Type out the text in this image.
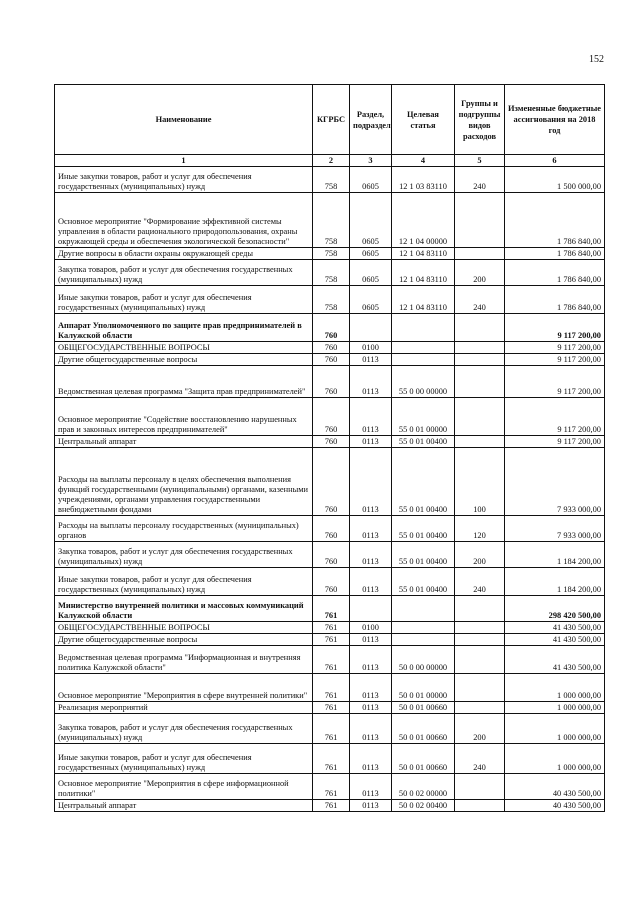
152
Наименование	КГРБС	Раздел, подраздел	Целевая статья	Группы и подгруппы видов расходов	Измененные бюджетные ассигнования на 2018 год
1	2	3	4	5	6
Иные закупки товаров, работ и услуг для обеспечения государственных (муниципальных) нужд	758	0605	12 1 03 83110	240	1 500 000,00
Основное мероприятие "Формирование эффективной системы управления в области рационального природопользования, охраны окружающей среды и обеспечения экологической безопасности"	758	0605	12 1 04 00000		1 786 840,00
Другие вопросы в области охраны окружающей среды	758	0605	12 1 04 83110		1 786 840,00
Закупка товаров, работ и услуг для обеспечения государственных (муниципальных) нужд	758	0605	12 1 04 83110	200	1 786 840,00
Иные закупки товаров, работ и услуг для обеспечения государственных (муниципальных) нужд	758	0605	12 1 04 83110	240	1 786 840,00
Аппарат Уполномоченного по защите прав предпринимателей в Калужской области	760				9 117 200,00
ОБЩЕГОСУДАРСТВЕННЫЕ ВОПРОСЫ	760	0100			9 117 200,00
Другие общегосударственные вопросы	760	0113			9 117 200,00
Ведомственная целевая программа "Защита прав предпринимателей"	760	0113	55 0 00 00000		9 117 200,00
Основное мероприятие "Содействие восстановлению нарушенных прав и законных интересов предпринимателей"	760	0113	55 0 01 00000		9 117 200,00
Центральный аппарат	760	0113	55 0 01 00400		9 117 200,00
Расходы на выплаты персоналу в целях обеспечения выполнения функций государственными (муниципальными) органами, казенными учреждениями, органами управления государственными внебюджетными фондами	760	0113	55 0 01 00400	100	7 933 000,00
Расходы на выплаты персоналу государственных (муниципальных) органов	760	0113	55 0 01 00400	120	7 933 000,00
Закупка товаров, работ и услуг для обеспечения государственных (муниципальных) нужд	760	0113	55 0 01 00400	200	1 184 200,00
Иные закупки товаров, работ и услуг для обеспечения государственных (муниципальных) нужд	760	0113	55 0 01 00400	240	1 184 200,00
Министерство внутренней политики и массовых коммуникаций Калужской области	761				298 420 500,00
ОБЩЕГОСУДАРСТВЕННЫЕ ВОПРОСЫ	761	0100			41 430 500,00
Другие общегосударственные вопросы	761	0113			41 430 500,00
Ведомственная целевая программа "Информационная и внутренняя политика Калужской области"	761	0113	50 0 00 00000		41 430 500,00
Основное мероприятие "Мероприятия в сфере внутренней политики"	761	0113	50 0 01 00000		1 000 000,00
Реализация мероприятий	761	0113	50 0 01 00660		1 000 000,00
Закупка товаров, работ и услуг для обеспечения государственных (муниципальных) нужд	761	0113	50 0 01 00660	200	1 000 000,00
Иные закупки товаров, работ и услуг для обеспечения государственных (муниципальных) нужд	761	0113	50 0 01 00660	240	1 000 000,00
Основное мероприятие "Мероприятия в сфере информационной политики"	761	0113	50 0 02 00000		40 430 500,00
Центральный аппарат	761	0113	50 0 02 00400		40 430 500,00
